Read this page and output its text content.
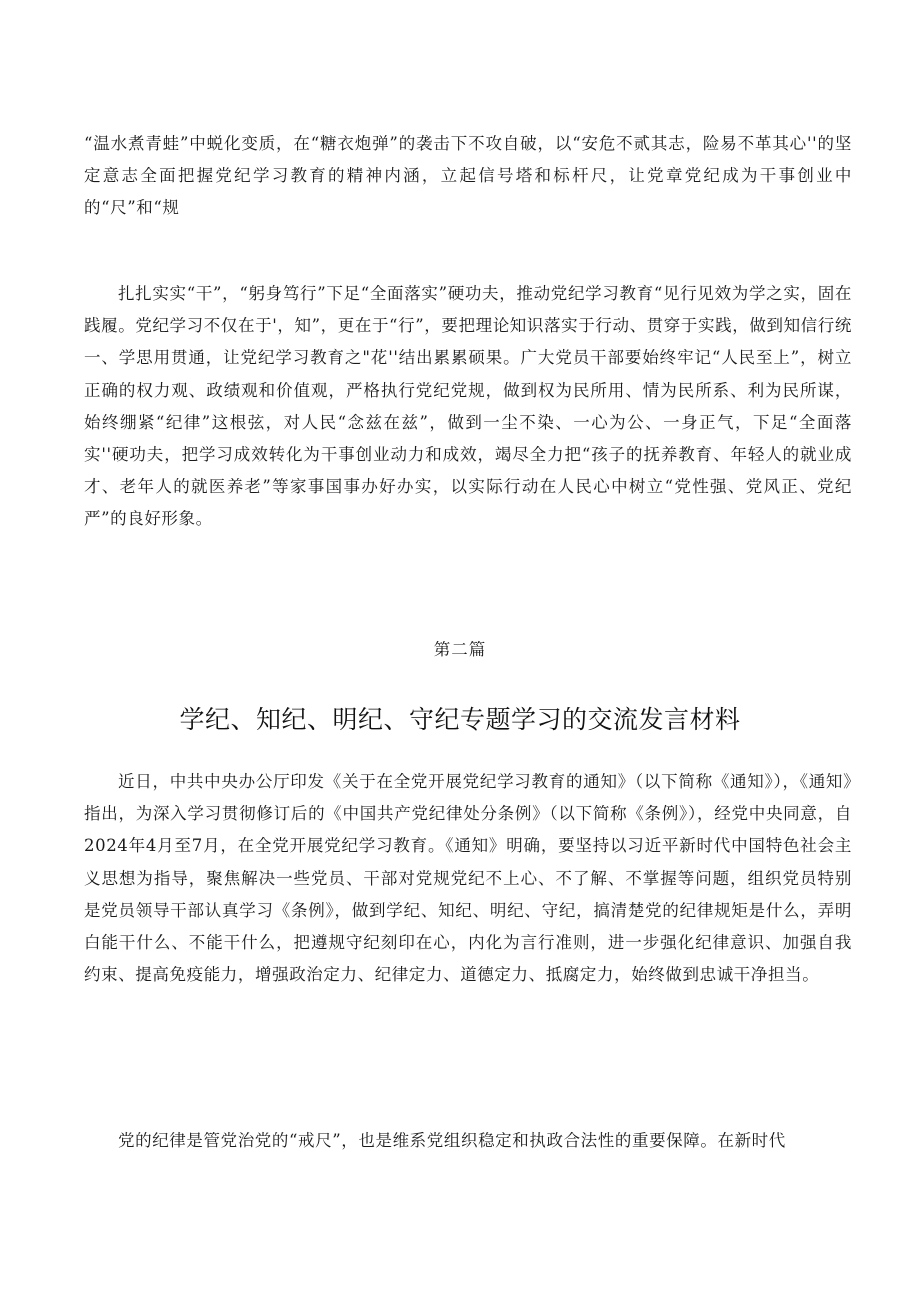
“温水煮青蛙”中蜕化变质，在“糖衣炮弹”的袭击下不攻自破，以“安危不贰其志，险易不革其心''的坚定意志全面把握党纪学习教育的精神内涵，立起信号塔和标杆尺，让党章党纪成为干事创业中的“尺”和“规

扎扎实实“干”，“躬身笃行”下足“全面落实”硬功夫，推动党纪学习教育“见行见效为学之实，固在践履。党纪学习不仅在于'，知”，更在于“行”，要把理论知识落实于行动、贯穿于实践，做到知信行统一、学思用贯通，让党纪学习教育之"花''结出累累硕果。广大党员干部要始终牢记“人民至上”，树立正确的权力观、政绩观和价值观，严格执行党纪党规，做到权为民所用、情为民所系、利为民所谋，始终绷紧“纪律”这根弦，对人民“念兹在兹”，做到一尘不染、一心为公、一身正气，下足“全面落实''硬功夫，把学习成效转化为干事创业动力和成效，竭尽全力把“孩子的抚养教育、年轻人的就业成才、老年人的就医养老”等家事国事办好办实，以实际行动在人民心中树立“党性强、党风正、党纪严”的良好形象。

第二篇

学纪、知纪、明纪、守纪专题学习的交流发言材料

近日，中共中央办公厅印发《关于在全党开展党纪学习教育的通知》（以下简称《通知》），《通知》指出，为深入学习贯彻修订后的《中国共产党纪律处分条例》（以下简称《条例》），经党中央同意，自2024年4月至7月，在全党开展党纪学习教育。《通知》明确，要坚持以习近平新时代中国特色社会主义思想为指导，聚焦解决一些党员、干部对党规党纪不上心、不了解、不掌握等问题，组织党员特别是党员领导干部认真学习《条例》，做到学纪、知纪、明纪、守纪，搞清楚党的纪律规矩是什么，弄明白能干什么、不能干什么，把遵规守纪刻印在心，内化为言行准则，进一步强化纪律意识、加强自我约束、提高免疫能力，增强政治定力、纪律定力、道德定力、抵腐定力，始终做到忠诚干净担当。

党的纪律是管党治党的“戒尺”，也是维系党组织稳定和执政合法性的重要保障。在新时代
